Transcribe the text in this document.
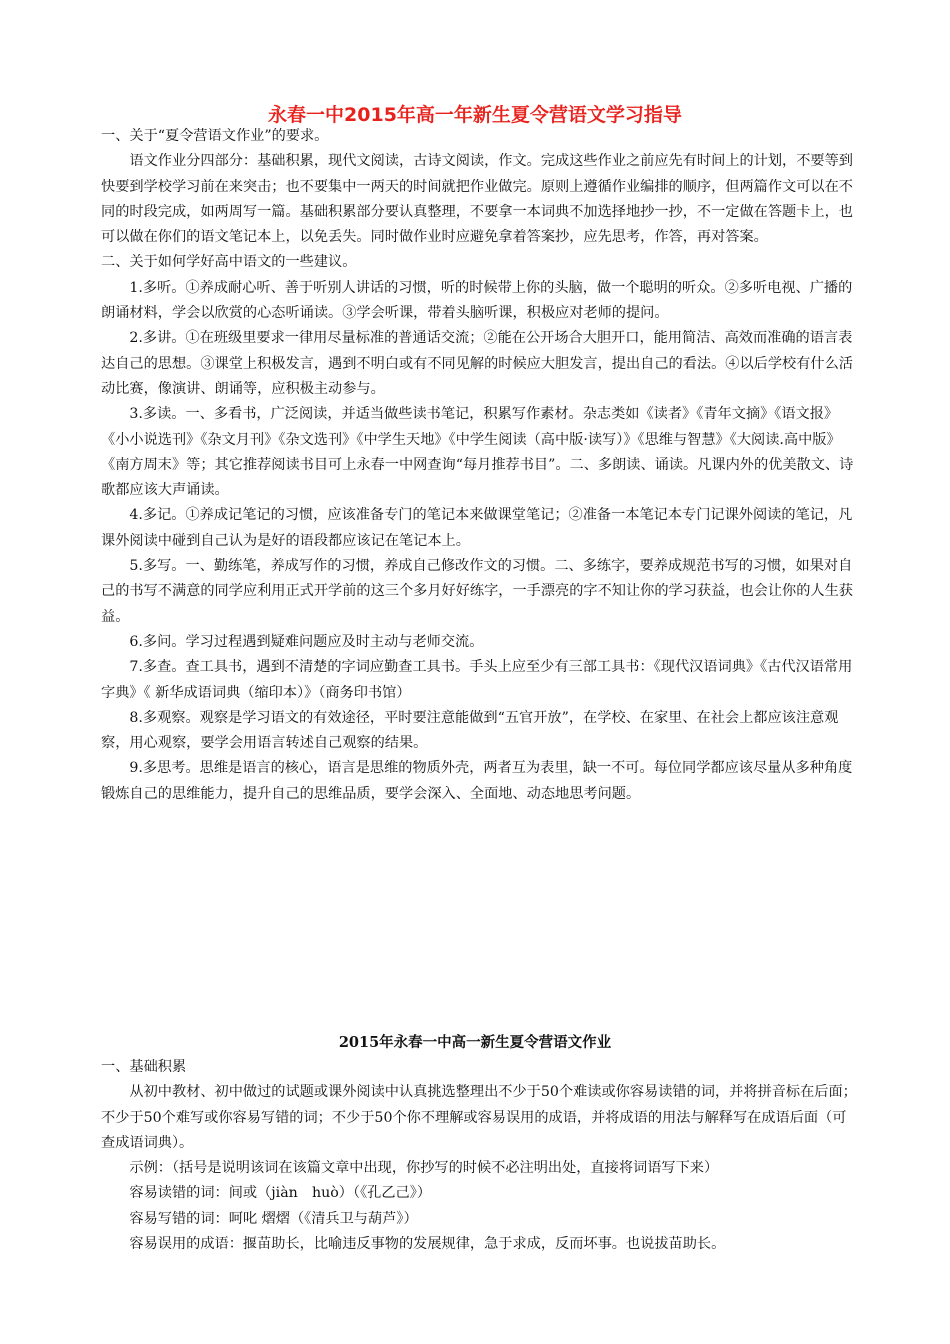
永春一中2015年高一年新生夏令营语文学习指导

一、关于“夏令营语文作业”的要求。

语文作业分四部分：基础积累，现代文阅读，古诗文阅读，作文。完成这些作业之前应先有时间上的计划，不要等到快要到学校学习前在来突击；也不要集中一两天的时间就把作业做完。原则上遵循作业编排的顺序，但两篇作文可以在不同的时段完成，如两周写一篇。基础积累部分要认真整理，不要拿一本词典不加选择地抄一抄，不一定做在答题卡上，也可以做在你们的语文笔记本上，以免丢失。同时做作业时应避免拿着答案抄，应先思考，作答，再对答案。

二、关于如何学好高中语文的一些建议。

1.多听。①养成耐心听、善于听别人讲话的习惯，听的时候带上你的头脑，做一个聪明的听众。②多听电视、广播的朗诵材料，学会以欣赏的心态听诵读。③学会听课，带着头脑听课，积极应对老师的提问。

2.多讲。①在班级里要求一律用尽量标准的普通话交流；②能在公开场合大胆开口，能用简洁、高效而准确的语言表达自己的思想。③课堂上积极发言，遇到不明白或有不同见解的时候应大胆发言，提出自己的看法。④以后学校有什么活动比赛，像演讲、朗诵等，应积极主动参与。

3.多读。一、多看书，广泛阅读，并适当做些读书笔记，积累写作素材。杂志类如《读者》《青年文摘》《语文报》《小小说选刊》《杂文月刊》《杂文选刊》《中学生天地》《中学生阅读（高中版·读写）》《思维与智慧》《大阅读.高中版》《南方周末》等；其它推荐阅读书目可上永春一中网查询“每月推荐书目”。二、多朗读、诵读。凡课内外的优美散文、诗歌都应该大声诵读。

4.多记。①养成记笔记的习惯，应该准备专门的笔记本来做课堂笔记；②准备一本笔记本专门记课外阅读的笔记，凡课外阅读中碰到自己认为是好的语段都应该记在笔记本上。

5.多写。一、勤练笔，养成写作的习惯，养成自己修改作文的习惯。二、多练字，要养成规范书写的习惯，如果对自己的书写不满意的同学应利用正式开学前的这三个多月好好练字，一手漂亮的字不知让你的学习获益，也会让你的人生获益。

6.多问。学习过程遇到疑难问题应及时主动与老师交流。

7.多查。查工具书，遇到不清楚的字词应勤查工具书。手头上应至少有三部工具书：《现代汉语词典》《古代汉语常用字典》《 新华成语词典（缩印本）》（商务印书馆）

8.多观察。观察是学习语文的有效途径，平时要注意能做到“五官开放”，在学校、在家里、在社会上都应该注意观察，用心观察，要学会用语言转述自己观察的结果。

9.多思考。思维是语言的核心，语言是思维的物质外壳，两者互为表里，缺一不可。每位同学都应该尽量从多种角度锻炼自己的思维能力，提升自己的思维品质，要学会深入、全面地、动态地思考问题。

2015年永春一中高一新生夏令营语文作业

一、基础积累

从初中教材、初中做过的试题或课外阅读中认真挑选整理出不少于50个难读或你容易读错的词，并将拼音标在后面；不少于50个难写或你容易写错的词；不少于50个你不理解或容易误用的成语，并将成语的用法与解释写在成语后面（可查成语词典）。

示例：（括号是说明该词在该篇文章中出现，你抄写的时候不必注明出处，直接将词语写下来）

容易读错的词：间或（jiàn　huò）（《孔乙己》）

容易写错的词：呵叱 熠熠（《清兵卫与葫芦》）

容易误用的成语：揠苗助长，比喻违反事物的发展规律，急于求成，反而坏事。也说拔苗助长。
